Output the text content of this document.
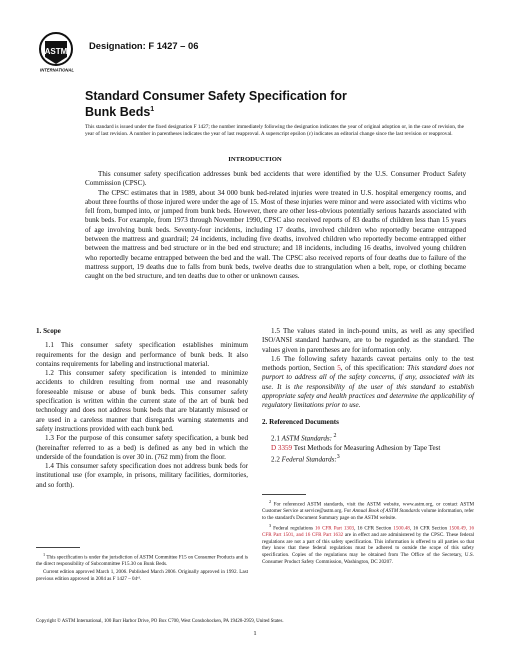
ASTM
INTERNATIONAL
Designation: F 1427 – 06
Standard Consumer Safety Specification for
Bunk Beds$^1$
This standard is issued under the fixed designation F 1427; the number immediately following the designation indicates the year of original adoption or, in the case of revision, the year of last revision. A number in parentheses indicates the year of last reapproval. A superscript epsilon (ε) indicates an editorial change since the last revision or reapproval.
INTRODUCTION

This consumer safety specification addresses bunk bed accidents that were identified by the U.S. Consumer Product Safety Commission (CPSC).

The CPSC estimates that in 1989, about 34 000 bunk bed-related injuries were treated in U.S. hospital emergency rooms, and about three fourths of those injured were under the age of 15. Most of these injuries were minor and were associated with victims who fell from, bumped into, or jumped from bunk beds. However, there are other less-obvious potentially serious hazards associated with bunk beds. For example, from 1973 through November 1990, CPSC also received reports of 83 deaths of children less than 15 years of age involving bunk beds. Seventy-four incidents, including 17 deaths, involved children who reportedly became entrapped between the mattress and guardrail; 24 incidents, including five deaths, involved children who reportedly become entrapped either between the mattress and bed structure or in the bed end structure; and 18 incidents, including 16 deaths, involved young children who reportedly became entrapped between the bed and the wall. The CPSC also received reports of four deaths due to failure of the mattress support, 19 deaths due to falls from bunk beds, twelve deaths due to strangulation when a belt, rope, or clothing became caught on the bed structure, and ten deaths due to other or unknown causes.

1. Scope

1.1 This consumer safety specification establishes minimum requirements for the design and performance of bunk beds. It also contains requirements for labeling and instructional material.

1.2 This consumer safety specification is intended to minimize accidents to children resulting from normal use and reasonably foreseeable misuse or abuse of bunk beds. This consumer safety specification is written within the current state of the art of bunk bed technology and does not address bunk beds that are blatantly misused or are used in a careless manner that disregards warning statements and safety instructions provided with each bunk bed.

1.3 For the purpose of this consumer safety specification, a bunk bed (hereinafter referred to as a bed) is defined as any bed in which the underside of the foundation is over 30 in. (762 mm) from the floor.

1.4 This consumer safety specification does not address bunk beds for institutional use (for example, in prisons, military facilities, dormitories, and so forth).

1.5 The values stated in inch-pound units, as well as any specified ISO/ANSI standard hardware, are to be regarded as the standard. The values given in parentheses are for information only.

1.6 The following safety hazards caveat pertains only to the test methods portion, Section 5, of this specification: This standard does not purport to address all of the safety concerns, if any, associated with its use. It is the responsibility of the user of this standard to establish appropriate safety and health practices and determine the applicability of regulatory limitations prior to use.

2. Referenced Documents

2.1 ASTM Standards: $^2$

D 3359 Test Methods for Measuring Adhesion by Tape Test

2.2 Federal Standards:$^3$

$^1$ This specification is under the jurisdiction of ASTM Committee F15 on Consumer Products and is the direct responsibility of Subcommittee F15.30 on Bunk Beds.

Current edition approved March 1, 2006. Published March 2006. Originally approved in 1992. Last previous edition approved in 2004 as F 1427 – 04ᵉ¹.

$^2$ For referenced ASTM standards, visit the ASTM website, www.astm.org, or contact ASTM Customer Service at service@astm.org. For Annual Book of ASTM Standards volume information, refer to the standard's Document Summary page on the ASTM website.

$^3$ Federal regulations 16 CFR Part 1303, 16 CFR Section 1500.48, 16 CFR Section 1500.49, 16 CFR Part 1501, and 16 CFR Part 1632 are in effect and are administered by the CPSC. These federal regulations are not a part of this safety specification. This information is offered to all parties so that they know that these federal regulations must be adhered to outside the scope of this safety specification. Copies of the regulations may be obtained from The Office of the Secretary, U.S. Consumer Product Safety Commission, Washington, DC 20207.

Copyright © ASTM International, 100 Barr Harbor Drive, PO Box C700, West Conshohocken, PA 19428-2959, United States.
1
